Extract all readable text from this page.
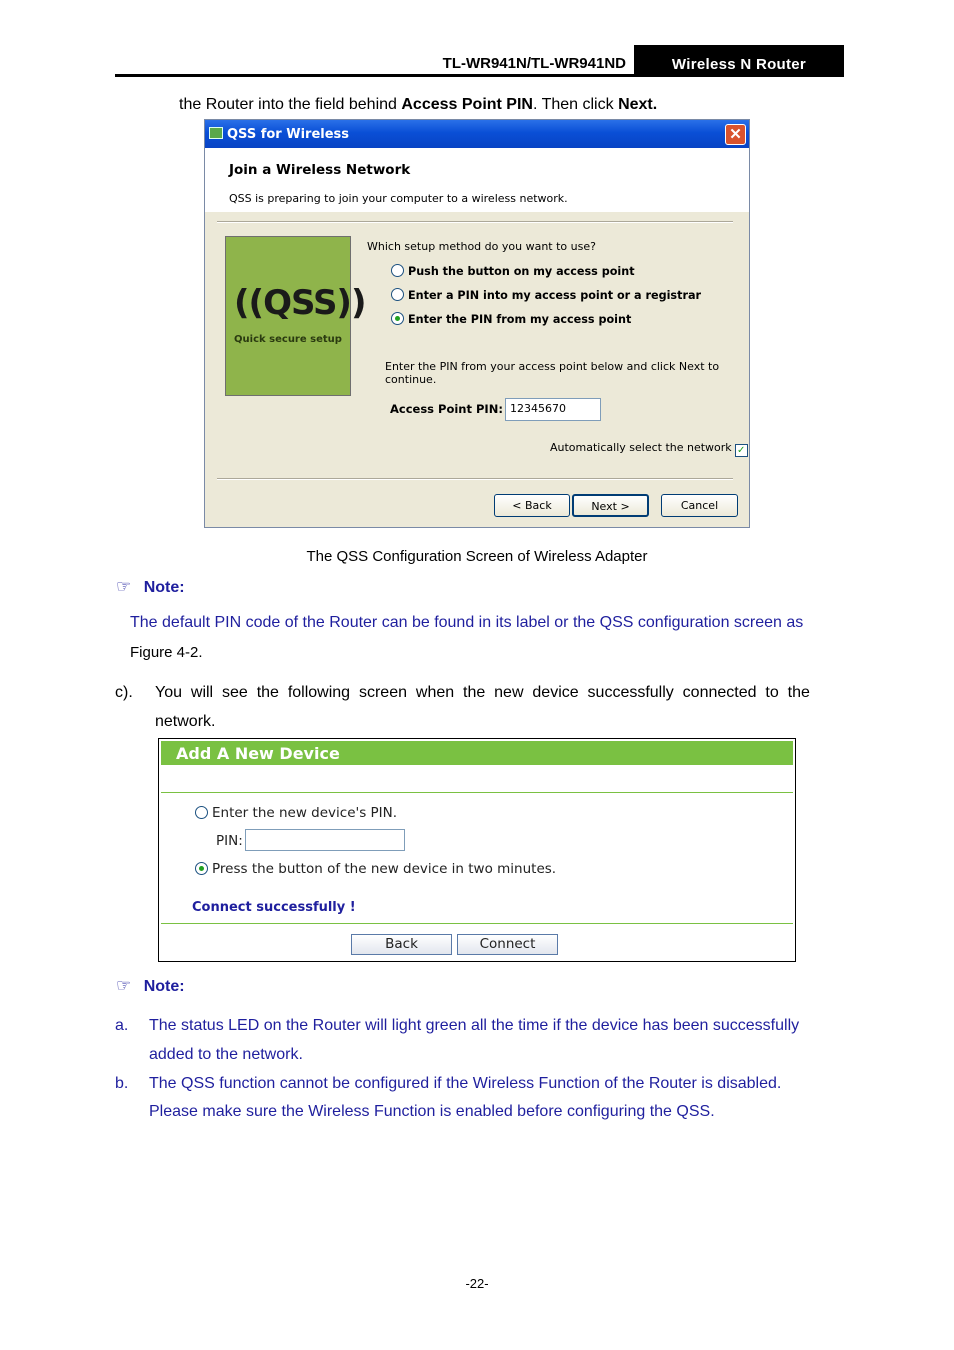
TL-WR941N/TL-WR941ND	Wireless N Router
the Router into the field behind Access Point PIN. Then click Next.
QSS for Wireless	✕
Join a Wireless Network
QSS is preparing to join your computer to a wireless network.
((QSS))
Quick secure setup
Which setup method do you want to use?
Push the button on my access point
Enter a PIN into my access point or a registrar
Enter the PIN from my access point
Enter the PIN from your access point below and click Next to continue.
Access Point PIN: 12345670
Automatically select the network ✓
< Back	Next >	Cancel
The QSS Configuration Screen of Wireless Adapter
☞ Note:
The default PIN code of the Router can be found in its label or the QSS configuration screen as
Figure 4-2.
c). You  will  see  the  following  screen  when  the  new  device  successfully  connected  to  the
network.
Add A New Device
Enter the new device's PIN.
PIN:
Press the button of the new device in two minutes.
Connect successfully !
Back	Connect
☞ Note:
a. The status LED on the Router will light green all the time if the device has been successfully
added to the network.
b. The QSS function cannot be configured if the Wireless Function of the Router is disabled.
Please make sure the Wireless Function is enabled before configuring the QSS.
-22-
